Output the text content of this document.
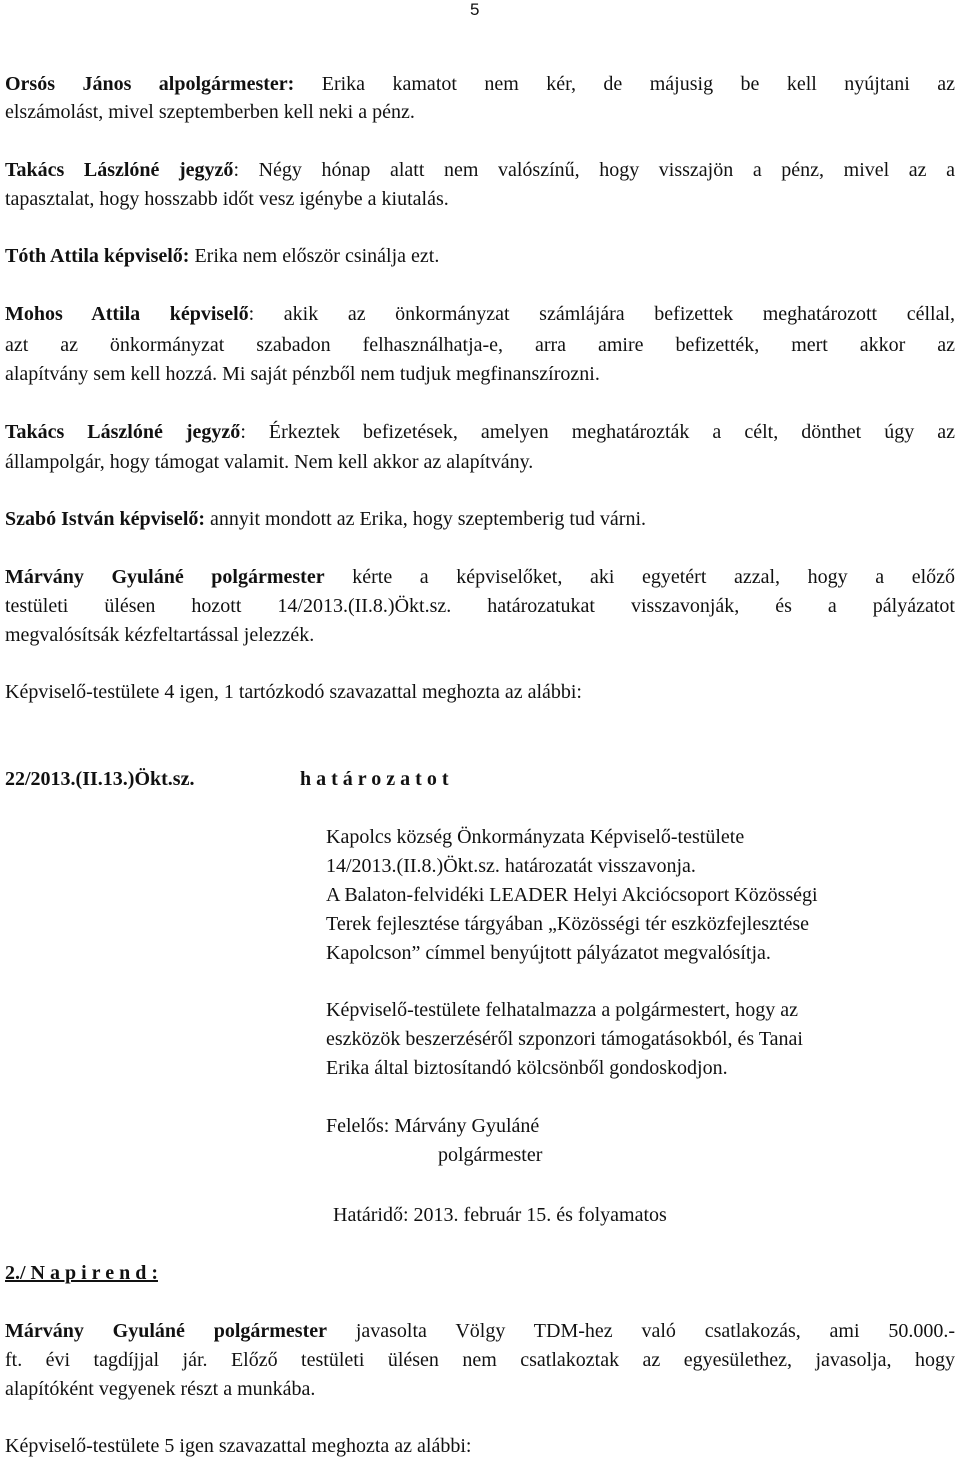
5
Orsós János alpolgármester: Erika kamatot nem kér, de májusig be kell nyújtani az
elszámolást, mivel szeptemberben kell neki a pénz.
Takács Lászlóné jegyző: Négy hónap alatt nem valószínű, hogy visszajön a pénz, mivel az a
tapasztalat, hogy hosszabb időt vesz igénybe a kiutalás.
Tóth Attila képviselő: Erika nem először csinálja ezt.
Mohos Attila képviselő: akik az önkormányzat számlájára befizettek meghatározott céllal,
azt az önkormányzat szabadon felhasználhatja-e, arra amire befizették, mert akkor az
alapítvány sem kell hozzá. Mi saját pénzből nem tudjuk megfinanszírozni.
Takács Lászlóné jegyző: Érkeztek befizetések, amelyen meghatározták a célt, dönthet úgy az
állampolgár, hogy támogat valamit. Nem kell akkor az alapítvány.
Szabó István képviselő: annyit mondott az Erika, hogy szeptemberig tud várni.
Márvány Gyuláné polgármester kérte a képviselőket, aki egyetért azzal, hogy a előző
testületi ülésen hozott 14/2013.(II.8.)Ökt.sz. határozatukat visszavonják, és a pályázatot
megvalósítsák kézfeltartással jelezzék.
Képviselő-testülete 4 igen, 1 tartózkodó szavazattal meghozta az alábbi:
22/2013.(II.13.)Ökt.sz.	h a t á r o z a t o t
Kapolcs község Önkormányzata Képviselő-testülete
14/2013.(II.8.)Ökt.sz. határozatát visszavonja.
A Balaton-felvidéki LEADER Helyi Akciócsoport Közösségi
Terek fejlesztése tárgyában „Közösségi tér eszközfejlesztése
Kapolcson” címmel benyújtott pályázatot megvalósítja.
Képviselő-testülete felhatalmazza a polgármestert, hogy az
eszközök beszerzéséről szponzori támogatásokból, és Tanai
Erika által biztosítandó kölcsönből gondoskodjon.
Felelős: Márvány Gyuláné
polgármester
Határidő: 2013. február 15. és folyamatos
2./ N a p i r e n d :
Márvány Gyuláné polgármester javasolta Völgy TDM-hez való csatlakozás, ami 50.000.-
ft. évi tagdíjjal jár. Előző testületi ülésen nem csatlakoztak az egyesülethez, javasolja, hogy
alapítóként vegyenek részt a munkába.
Képviselő-testülete 5 igen szavazattal meghozta az alábbi:
